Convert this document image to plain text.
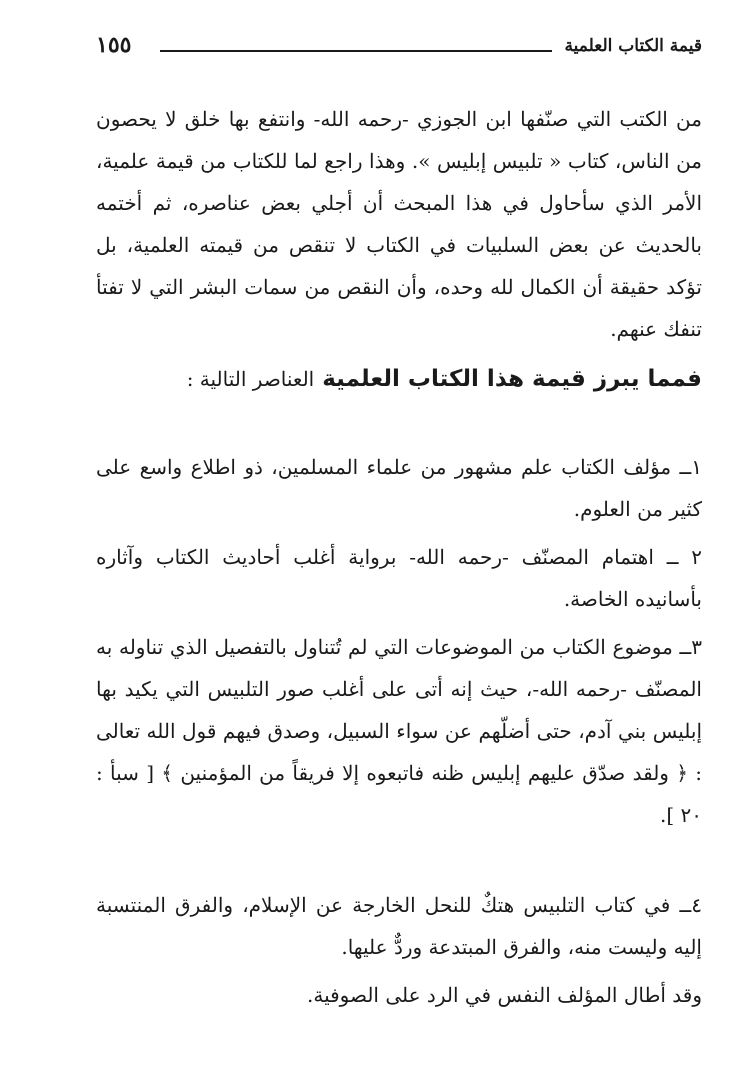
قيمة الكتاب العلمية
١٥٥

من الكتب التي صنّفها ابن الجوزي -رحمه الله- وانتفع بها خلق لا يحصون من الناس، كتاب « تلبيس إبليس ». وهذا راجع لما للكتاب من قيمة علمية، الأمر الذي سأحاول في هذا المبحث أن أجلي بعض عناصره، ثم أختمه بالحديث عن بعض السلبيات في الكتاب لا تنقص من قيمته العلمية، بل تؤكد حقيقة أن الكمال لله وحده، وأن النقص من سمات البشر التي لا تفتأ تنفك عنهم.

فمما يبرز قيمة هذا الكتاب العلميةالعناصر التالية :

١ــ مؤلف الكتاب علم مشهور من علماء المسلمين، ذو اطلاع واسع على كثير من العلوم.

٢ ــ اهتمام المصنّف -رحمه الله- برواية أغلب أحاديث الكتاب وآثاره بأسانيده الخاصة.

٣ــ موضوع الكتاب من الموضوعات التي لم تُتناول بالتفصيل الذي تناوله به المصنّف -رحمه الله-، حيث إنه أتى على أغلب صور التلبيس التي يكيد بها إبليس بني آدم، حتى أضلّهم عن سواء السبيل، وصدق فيهم قول الله تعالى : ﴿ ولقد صدّق عليهم إبليس ظنه فاتبعوه إلا فريقاً من المؤمنين ﴾ [ سبأ : ٢٠ ].

٤ــ في كتاب التلبيس هتكٌ للنحل الخارجة عن الإسلام، والفرق المنتسبة إليه وليست منه، والفرق المبتدعة وردٌّ عليها.

وقد أطال المؤلف النفس في الرد على الصوفية.
